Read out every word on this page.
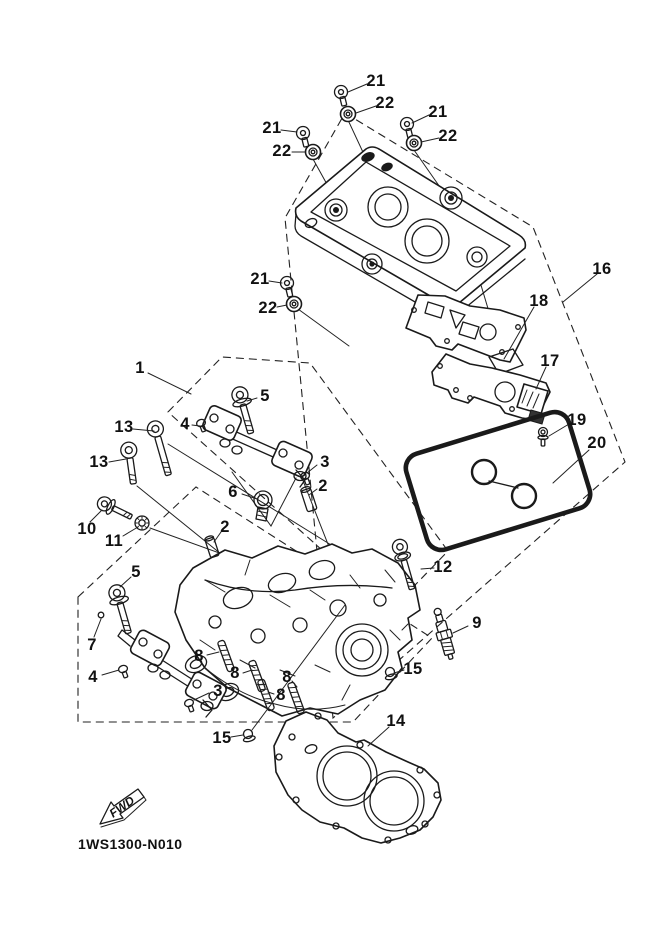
FWD
21
22
21
22
21
22
21
22
16
18
17
19
20
1
5
4
13
13	3
2
6
10
11
2
5	12
9
7
4
3
8
8	8
8
15
15
14
1WS1300-N010
